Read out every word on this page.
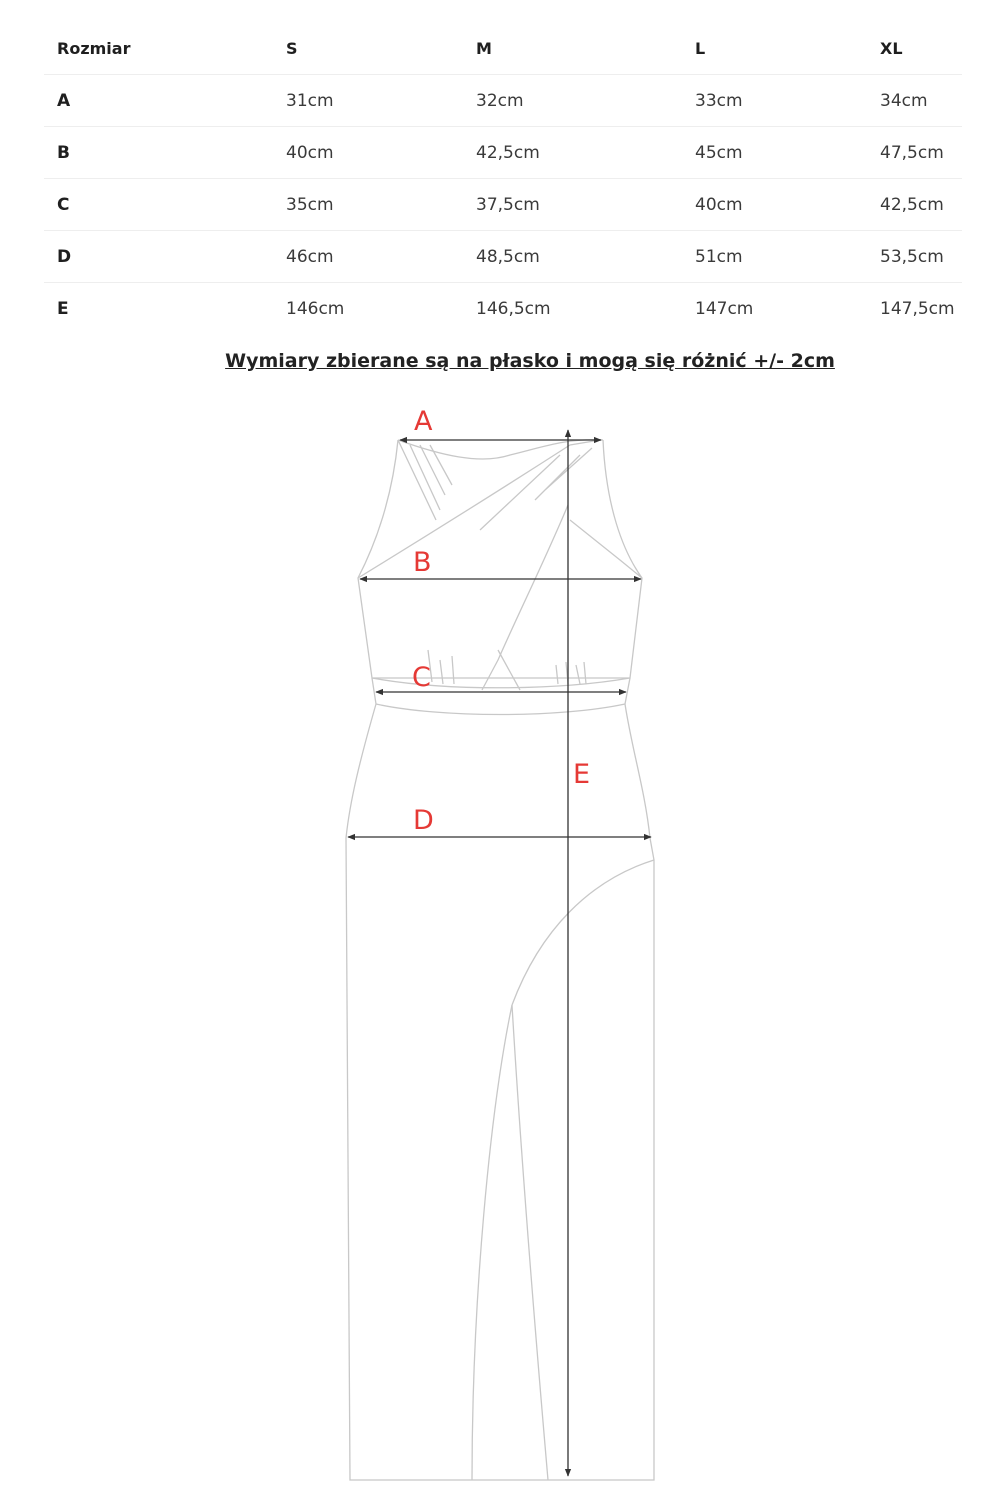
Rozmiar	S	M	L	XL
A	31cm	32cm	33cm	34cm
B	40cm	42,5cm	45cm	47,5cm
C	35cm	37,5cm	40cm	42,5cm
D	46cm	48,5cm	51cm	53,5cm
E	146cm	146,5cm	147cm	147,5cm
Wymiary zbierane są na płasko i mogą się różnić +/- 2cm
A
B
C
D
E
